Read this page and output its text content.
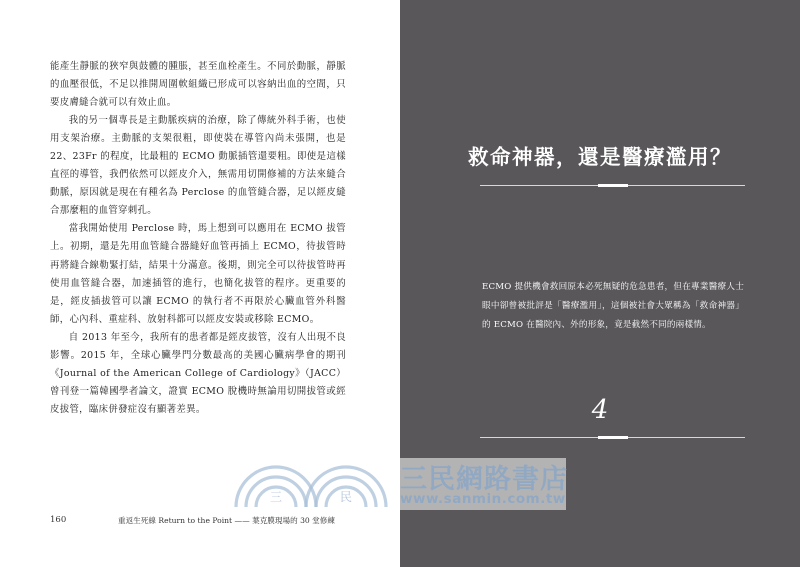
能產生靜脈的狹窄與鼓體的腫脹，甚至血栓產生。不同於動脈，靜脈的血壓很低，不足以推開周圍軟組織已形成可以容納出血的空間，只要皮膚縫合就可以有效止血。

我的另一個專長是主動脈疾病的治療，除了傳統外科手術，也使用支架治療。主動脈的支架很粗，即使裝在導管內尚未張開，也是 22、23Fr 的程度，比最粗的 ECMO 動脈插管還要粗。即使是這樣直徑的導管，我們依然可以經皮介入，無需用切開修補的方法來縫合動脈，原因就是現在有種名為 Perclose 的血管縫合器，足以經皮縫合那麼粗的血管穿刺孔。

當我開始使用 Perclose 時，馬上想到可以應用在 ECMO 拔管上。初期，還是先用血管縫合器縫好血管再插上 ECMO，待拔管時再將縫合線勒緊打結，結果十分滿意。後期，則完全可以待拔管時再使用血管縫合器，加速插管的進行，也簡化拔管的程序。更重要的是，經皮插拔管可以讓 ECMO 的執行者不再限於心臟血管外科醫師，心內科、重症科、放射科都可以經皮安裝或移除 ECMO。

自 2013 年至今，我所有的患者都是經皮拔管，沒有人出現不良影響。2015 年，全球心臟學門分數最高的美國心臟病學會的期刊《Journal of the American College of Cardiology》（JACC）曾刊登一篇韓國學者論文，證實 ECMO 脫機時無論用切開拔管或經皮拔管，臨床併發症沒有顯著差異。

160	重返生死線 Return to the Point —— 葉克膜現場的 30 堂修練
救命神器，還是醫療濫用？
ECMO 提供機會救回原本必死無疑的危急患者，但在專業醫療人士眼中卻曾被批評是「醫療濫用」，這個被社會大眾稱為「救命神器」的 ECMO 在醫院內、外的形象，竟是截然不同的兩樣情。
4
三	民
三民網路書店
www.sanmin.com.tw
